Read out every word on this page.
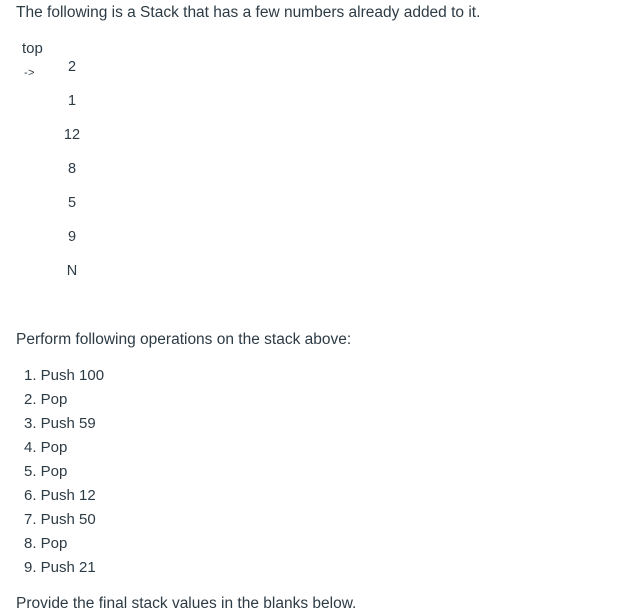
The following is a Stack that has a few numbers already added to it.

top
->	2
1
12
8
5
9
N

Perform following operations on the stack above:

1. Push 100
2. Pop
3. Push 59
4. Pop
5. Pop
6. Push 12
7. Push 50
8. Pop
9. Push 21

Provide the final stack values in the blanks below.
